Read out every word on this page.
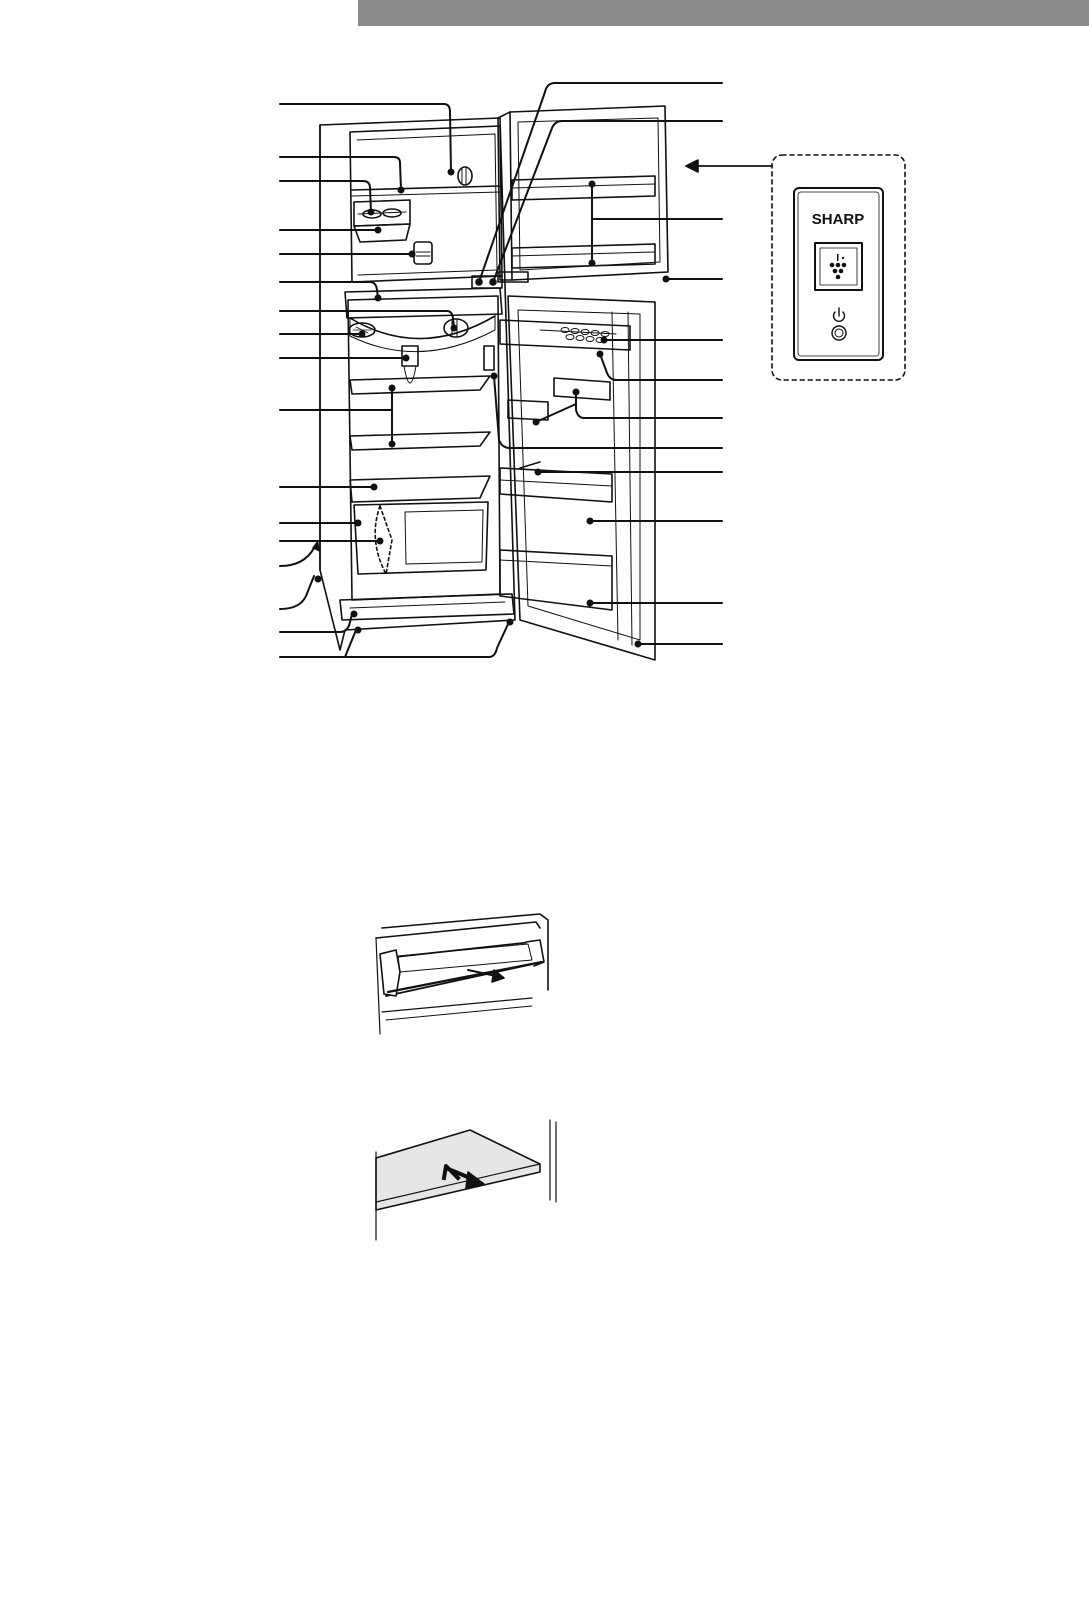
SHARP
